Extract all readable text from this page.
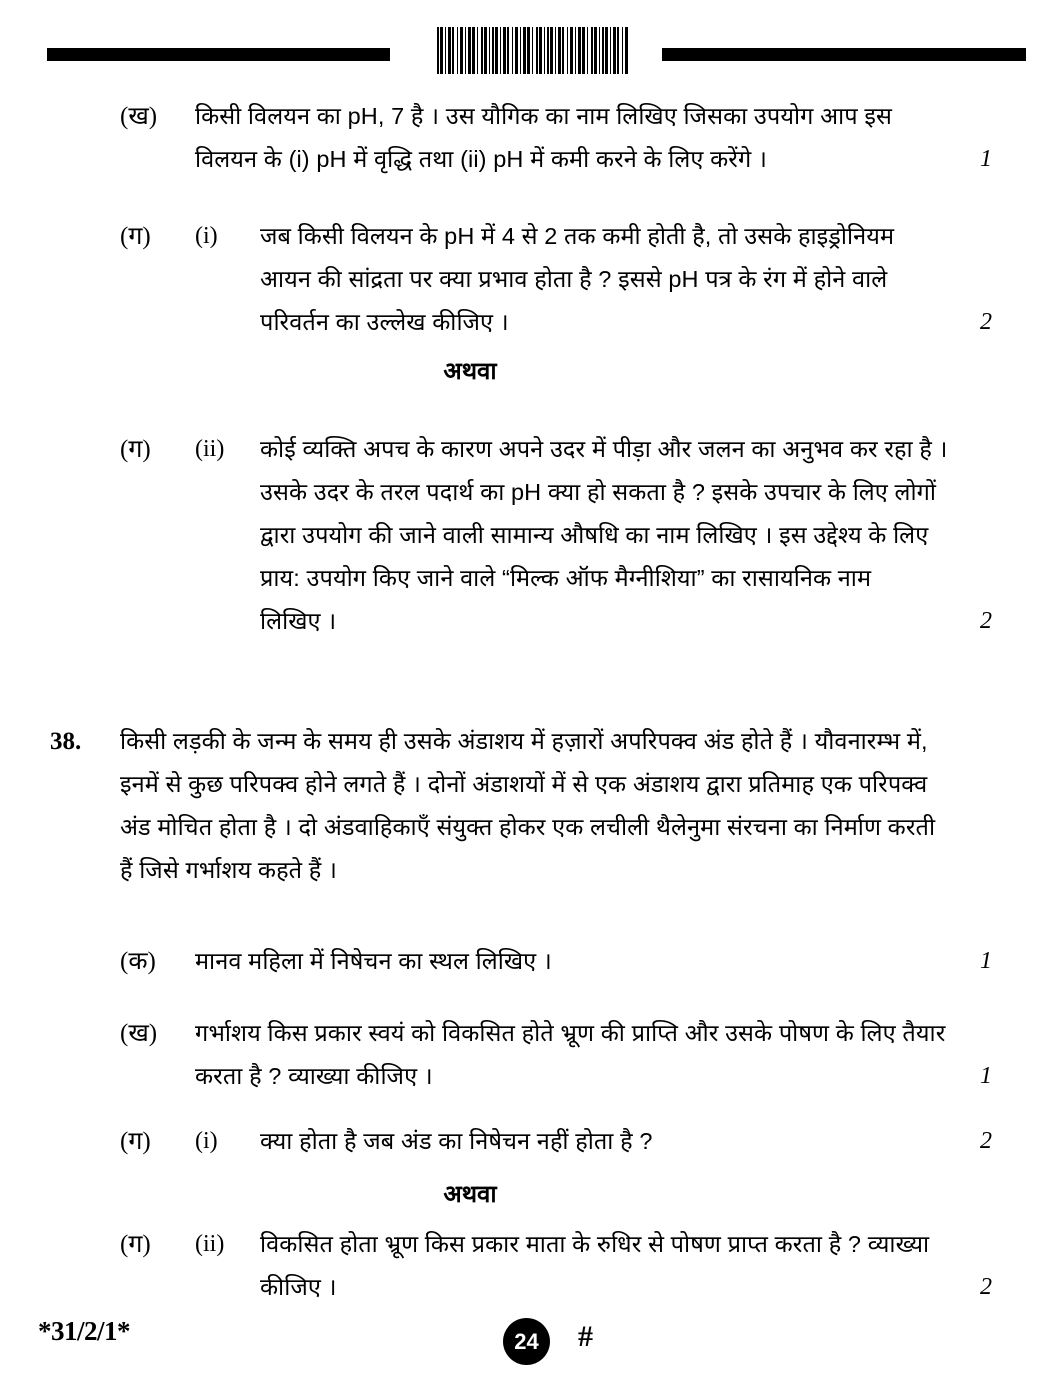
(ख)	किसी विलयन का pH, 7 है । उस यौगिक का नाम लिखिए जिसका उपयोग आप इस
विलयन के (i) pH में वृद्धि तथा (ii) pH में कमी करने के लिए करेंगे ।	1
(ग)	(i)	जब किसी विलयन के pH में 4 से 2 तक कमी होती है, तो उसके हाइड्रोनियम
आयन की सांद्रता पर क्या प्रभाव होता है ? इससे pH पत्र के रंग में होने वाले
परिवर्तन का उल्लेख कीजिए ।	2
अथवा
(ग)	(ii)	कोई व्यक्ति अपच के कारण अपने उदर में पीड़ा और जलन का अनुभव कर रहा है ।
उसके उदर के तरल पदार्थ का pH क्या हो सकता है ? इसके उपचार के लिए लोगों
द्वारा उपयोग की जाने वाली सामान्य औषधि का नाम लिखिए । इस उद्देश्य के लिए
प्राय: उपयोग किए जाने वाले “मिल्क ऑफ मैग्नीशिया” का रासायनिक नाम
लिखिए ।	2
38.	किसी लड़की के जन्म के समय ही उसके अंडाशय में हज़ारों अपरिपक्व अंड होते हैं । यौवनारम्भ में,
इनमें से कुछ परिपक्व होने लगते हैं । दोनों अंडाशयों में से एक अंडाशय द्वारा प्रतिमाह एक परिपक्व
अंड मोचित होता है । दो अंडवाहिकाएँ संयुक्त होकर एक लचीली थैलेनुमा संरचना का निर्माण करती
हैं जिसे गर्भाशय कहते हैं ।
(क)	मानव महिला में निषेचन का स्थल लिखिए ।	1
(ख)	गर्भाशय किस प्रकार स्वयं को विकसित होते भ्रूण की प्राप्ति और उसके पोषण के लिए तैयार
करता है ? व्याख्या कीजिए ।	1
(ग)	(i)	क्या होता है जब अंड का निषेचन नहीं होता है ?	2
अथवा
(ग)	(ii)	विकसित होता भ्रूण किस प्रकार माता के रुधिर से पोषण प्राप्त करता है ? व्याख्या
कीजिए ।	2
*31/2/1*	24	#
